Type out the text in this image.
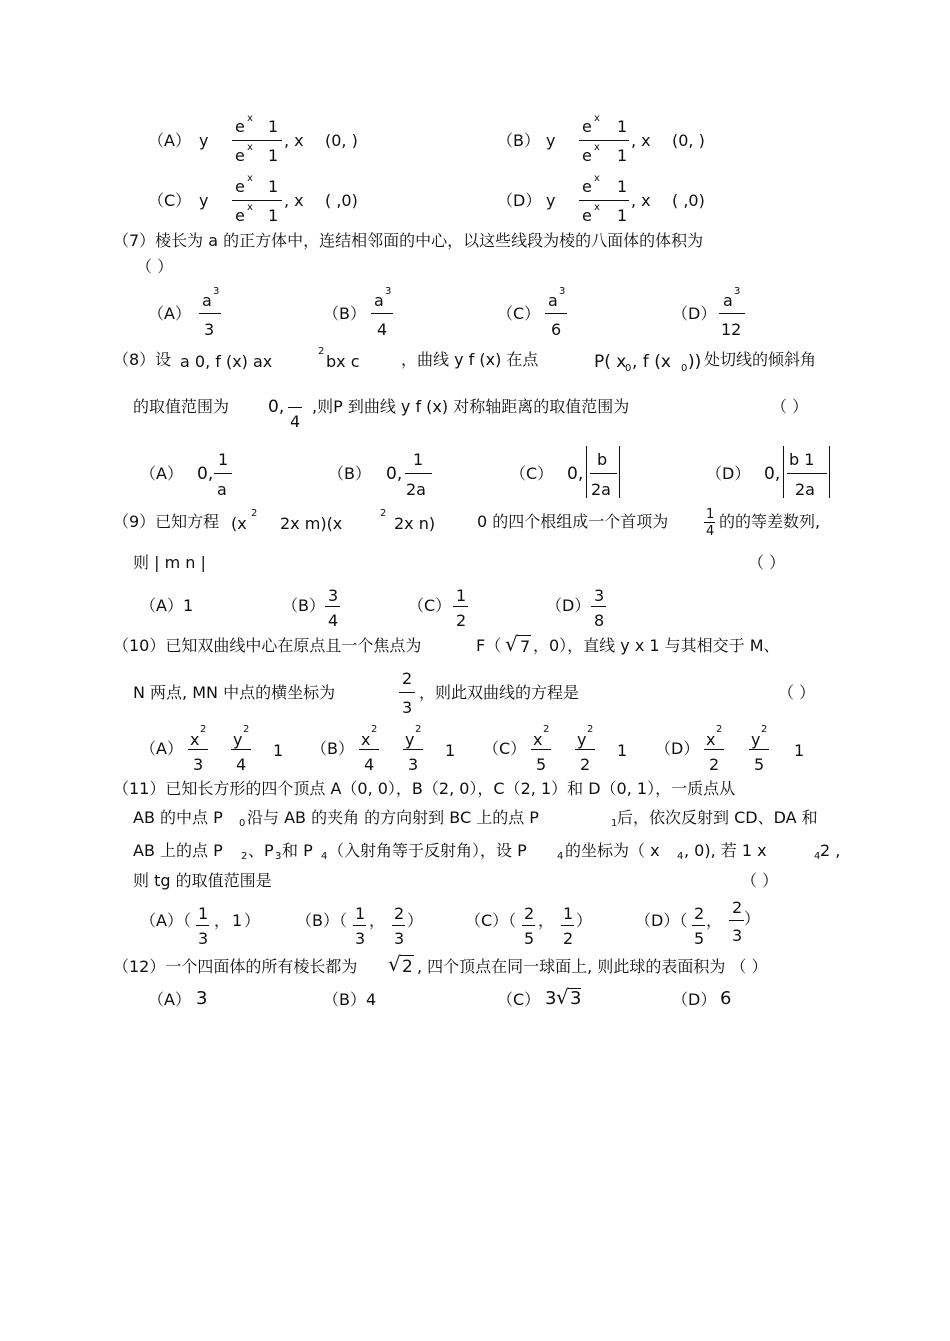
（A） y
e x 1
e x 1
, x (0, )	（B） y
e x 1
e x 1
, x (0, )
（C） y
e x 1
e x 1
, x ( ,0)	（D） y
e x 1
e x 1
, x ( ,0)
（7）棱长为 a 的正方体中，连结相邻面的中心，以这些线段为棱的八面体的体积为
（ ）
（A）
a 3
3
（B）
a 3
4
（C）
a 3
6
（D）
a 3
12
（8）设 a 0, f (x) ax
2
bx c	，曲线 y f (x) 在点	P( x
0 , f (x 0 )) 处切线的倾斜角
的取值范围为 0,
4
,则P 到曲线 y f (x) 对称轴距离的取值范围为	（ ）
（A） 0,
1
a
（B） 0,
1
2a
（C） 0,
b
2a
（D） 0,
b 1
2a
（9）已知方程 (x
2
2x m)(x
2
2x n)	0 的四个根组成一个首项为	1
4
的的等差数列,
则 | m n |	（ ）
（A）1	（B）
3
4
（C）
1
2
（D）
3
8
（10）已知双曲线中心在原点且一个焦点为	F（ √ 7 ，0），直线 y x 1 与其相交于 M、
N 两点, MN 中点的横坐标为
2
3
，则此双曲线的方程是	（ ）
（A） x
2
3
y
2
4
1 （B） x
2
4
y
2
3
1 （C） x
2
5
y
2
2
1 （D） x
2
2
y
2
5
1
（11）已知长方形的四个顶点 A（0, 0），B（2, 0），C（2, 1）和 D（0, 1），一质点从
AB 的中点 P 0 沿与 AB 的夹角 的方向射到 BC 上的点 P	1 后，依次反射到 CD、DA 和
AB 上的点 P 2 、P 3 和 P 4 （入射角等于反射角），设 P	4 的坐标为（ x 4 , 0), 若 1 x	4 2 ,
则 tg 的取值范围是	（ ）
（A）（ 1
3
， 1 ） （B）（ 1
3
， 2
3
）	（C）（ 2
5
， 1
2
）	（D）（ 2
5
，
2
3
）
（12）一个四面体的所有棱长都为 √ 2 , 四个顶点在同一球面上, 则此球的表面积为 （ ）
（A） 3	（B）4	（C） 3 √ 3	（D） 6
